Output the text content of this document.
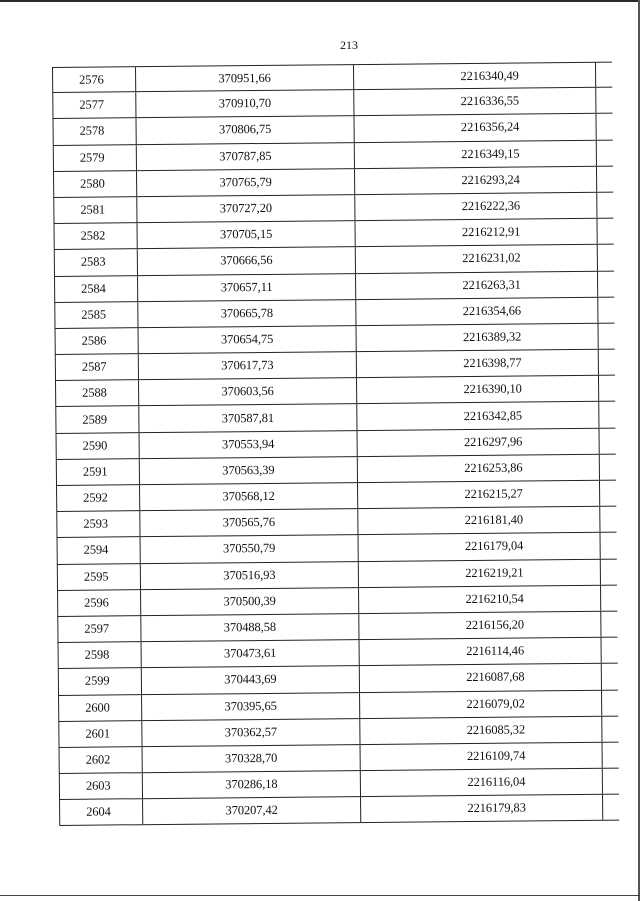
213
2576	370951,66	2216340,49
2577	370910,70	2216336,55
2578	370806,75	2216356,24
2579	370787,85	2216349,15
2580	370765,79	2216293,24
2581	370727,20	2216222,36
2582	370705,15	2216212,91
2583	370666,56	2216231,02
2584	370657,11	2216263,31
2585	370665,78	2216354,66
2586	370654,75	2216389,32
2587	370617,73	2216398,77
2588	370603,56	2216390,10
2589	370587,81	2216342,85
2590	370553,94	2216297,96
2591	370563,39	2216253,86
2592	370568,12	2216215,27
2593	370565,76	2216181,40
2594	370550,79	2216179,04
2595	370516,93	2216219,21
2596	370500,39	2216210,54
2597	370488,58	2216156,20
2598	370473,61	2216114,46
2599	370443,69	2216087,68
2600	370395,65	2216079,02
2601	370362,57	2216085,32
2602	370328,70	2216109,74
2603	370286,18	2216116,04
2604	370207,42	2216179,83
